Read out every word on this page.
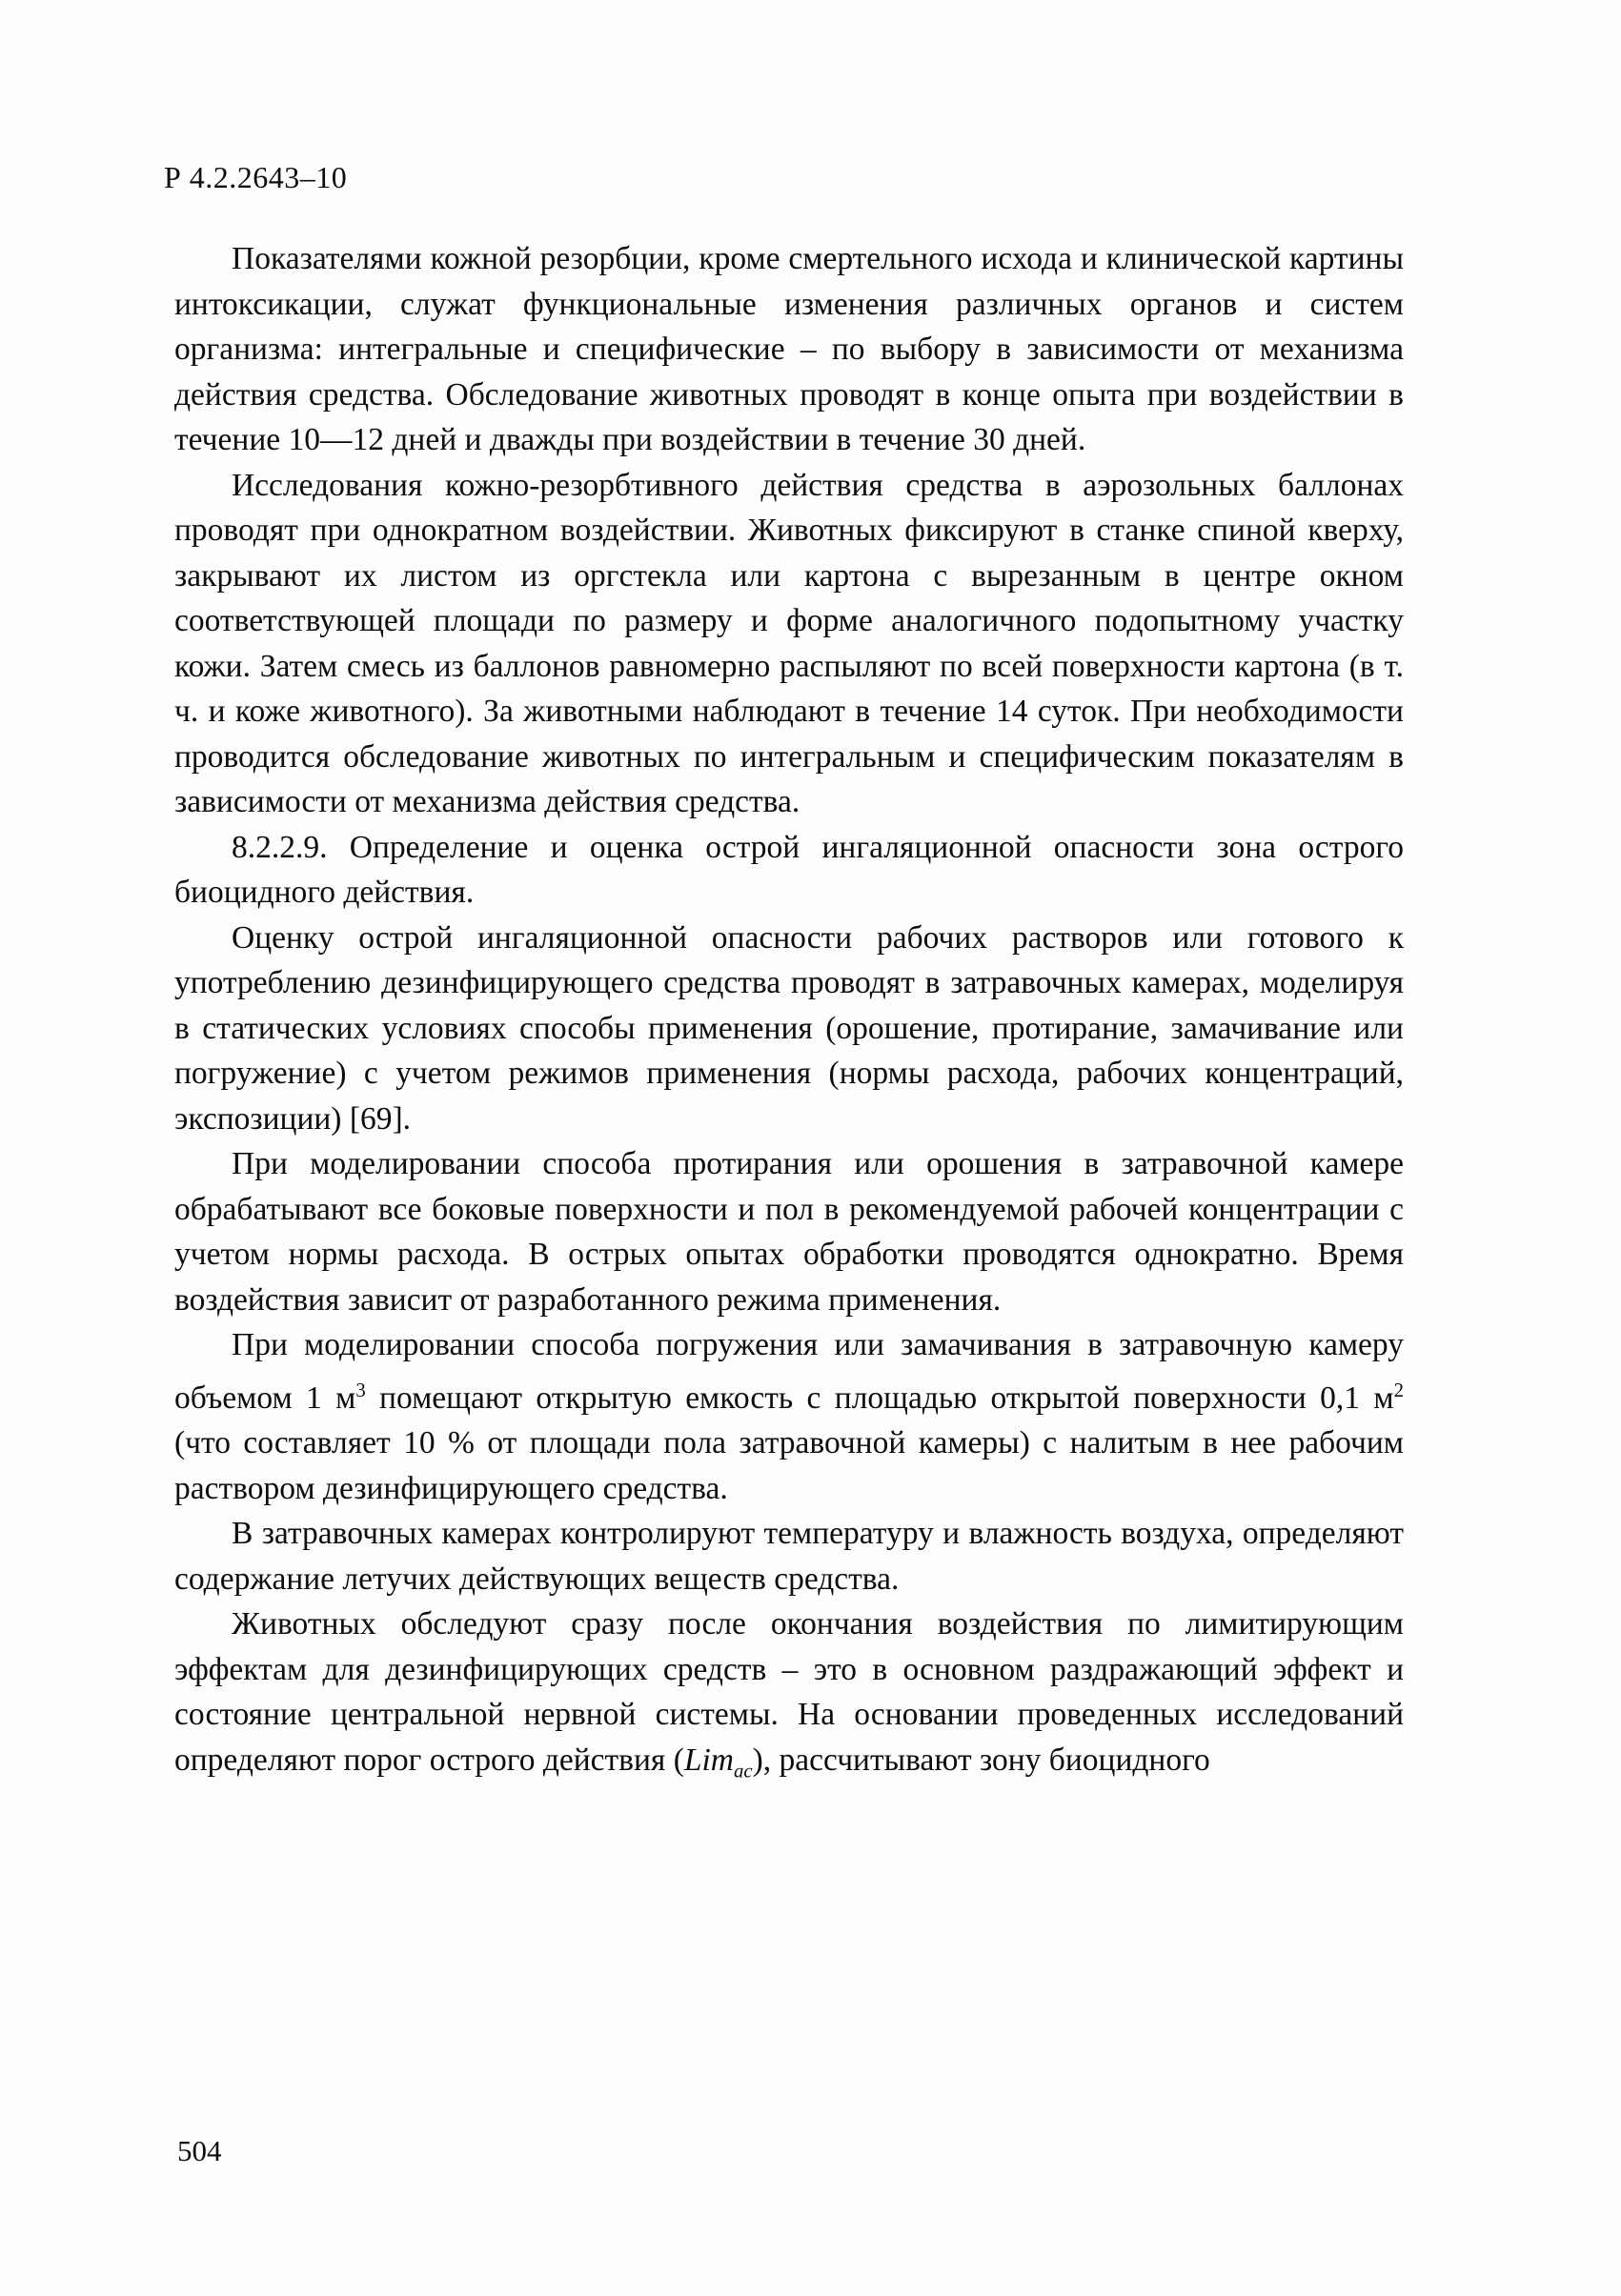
Р 4.2.2643–10

Показателями кожной резорбции, кроме смертельного исхода и клинической картины интоксикации, служат функциональные изменения различных органов и систем организма: интегральные и специфические – по выбору в зависимости от механизма действия средства. Обследование животных проводят в конце опыта при воздействии в течение 10—12 дней и дважды при воздействии в течение 30 дней.

Исследования кожно-резорбтивного действия средства в аэрозольных баллонах проводят при однократном воздействии. Животных фиксируют в станке спиной кверху, закрывают их листом из оргстекла или картона с вырезанным в центре окном соответствующей площади по размеру и форме аналогичного подопытному участку кожи. Затем смесь из баллонов равномерно распыляют по всей поверхности картона (в т. ч. и коже животного). За животными наблюдают в течение 14 суток. При необходимости проводится обследование животных по интегральным и специфическим показателям в зависимости от механизма действия средства.

8.2.2.9. Определение и оценка острой ингаляционной опасности зона острого биоцидного действия.

Оценку острой ингаляционной опасности рабочих растворов или готового к употреблению дезинфицирующего средства проводят в затравочных камерах, моделируя в статических условиях способы применения (орошение, протирание, замачивание или погружение) с учетом режимов применения (нормы расхода, рабочих концентраций, экспозиции) [69].

При моделировании способа протирания или орошения в затравочной камере обрабатывают все боковые поверхности и пол в рекомендуемой рабочей концентрации с учетом нормы расхода. В острых опытах обработки проводятся однократно. Время воздействия зависит от разработанного режима применения.

При моделировании способа погружения или замачивания в затравочную камеру объемом 1 $м^3$ помещают открытую емкость с площадью открытой поверхности 0,1 $м^2$ (что составляет 10 % от площади пола затравочной камеры) с налитым в нее рабочим раствором дезинфицирующего средства.

В затравочных камерах контролируют температуру и влажность воздуха, определяют содержание летучих действующих веществ средства.

Животных обследуют сразу после окончания воздействия по лимитирующим эффектам для дезинфицирующих средств – это в основном раздражающий эффект и состояние центральной нервной системы. На основании проведенных исследований определяют порог острого действия (Lim$_{ac}$), рассчитывают зону биоцидного

504
